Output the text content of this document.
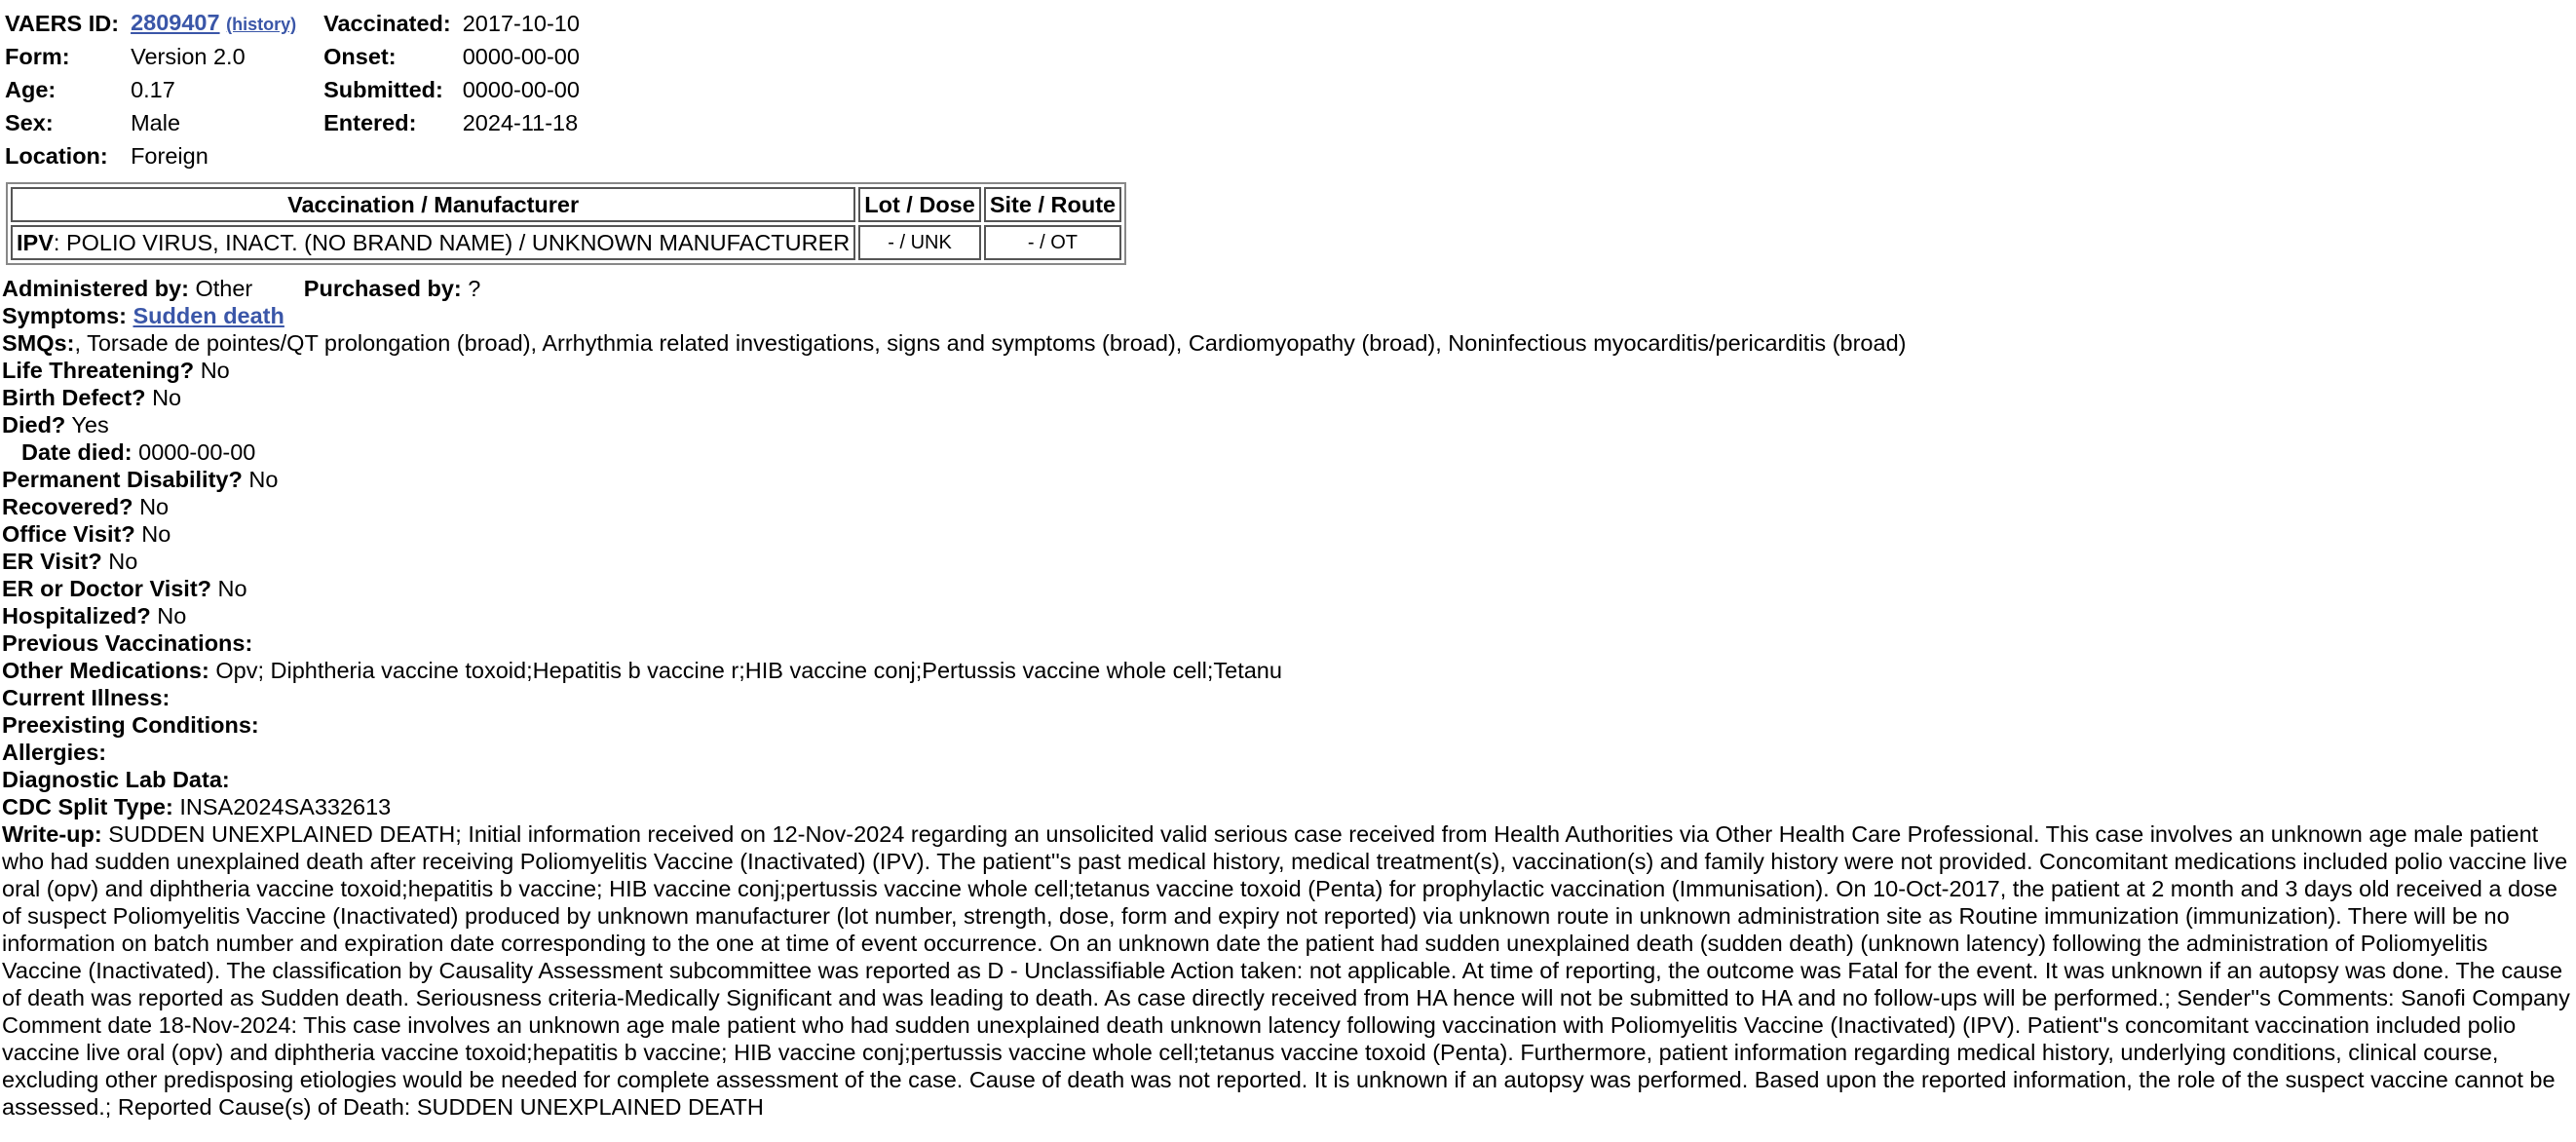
VAERS ID:	2809407 (history)	Vaccinated:	2017-10-10
Form:	Version 2.0	Onset:	0000-00-00
Age:	0.17	Submitted:	0000-00-00
Sex:	Male	Entered:	2024-11-18
Location:	Foreign		
Vaccination / Manufacturer	Lot / Dose	Site / Route
IPV: POLIO VIRUS, INACT. (NO BRAND NAME) / UNKNOWN MANUFACTURER	- / UNK	- / OT
Administered by: Other Purchased by: ?
Symptoms: Sudden death
SMQs:, Torsade de pointes/QT prolongation (broad), Arrhythmia related investigations, signs and symptoms (broad), Cardiomyopathy (broad), Noninfectious myocarditis/pericarditis (broad)
Life Threatening? No
Birth Defect? No
Died? Yes
Date died: 0000-00-00
Permanent Disability? No
Recovered? No
Office Visit? No
ER Visit? No
ER or Doctor Visit? No
Hospitalized? No
Previous Vaccinations:
Other Medications: Opv; Diphtheria vaccine toxoid;Hepatitis b vaccine r;HIB vaccine conj;Pertussis vaccine whole cell;Tetanu
Current Illness:
Preexisting Conditions:
Allergies:
Diagnostic Lab Data:
CDC Split Type: INSA2024SA332613
Write-up: SUDDEN UNEXPLAINED DEATH; Initial information received on 12-Nov-2024 regarding an unsolicited valid serious case received from Health Authorities via Other Health Care Professional. This case involves an unknown age male patient who had sudden unexplained death after receiving Poliomyelitis Vaccine (Inactivated) (IPV). The patient''s past medical history, medical treatment(s), vaccination(s) and family history were not provided. Concomitant medications included polio vaccine live oral (opv) and diphtheria vaccine toxoid;hepatitis b vaccine; HIB vaccine conj;pertussis vaccine whole cell;tetanus vaccine toxoid (Penta) for prophylactic vaccination (Immunisation). On 10-Oct-2017, the patient at 2 month and 3 days old received a dose of suspect Poliomyelitis Vaccine (Inactivated) produced by unknown manufacturer (lot number, strength, dose, form and expiry not reported) via unknown route in unknown administration site as Routine immunization (immunization). There will be no information on batch number and expiration date corresponding to the one at time of event occurrence. On an unknown date the patient had sudden unexplained death (sudden death) (unknown latency) following the administration of Poliomyelitis Vaccine (Inactivated). The classification by Causality Assessment subcommittee was reported as D - Unclassifiable Action taken: not applicable. At time of reporting, the outcome was Fatal for the event. It was unknown if an autopsy was done. The cause of death was reported as Sudden death. Seriousness criteria-Medically Significant and was leading to death. As case directly received from HA hence will not be submitted to HA and no follow-ups will be performed.; Sender''s Comments: Sanofi Company Comment date 18-Nov-2024: This case involves an unknown age male patient who had sudden unexplained death unknown latency following vaccination with Poliomyelitis Vaccine (Inactivated) (IPV). Patient''s concomitant vaccination included polio vaccine live oral (opv) and diphtheria vaccine toxoid;hepatitis b vaccine; HIB vaccine conj;pertussis vaccine whole cell;tetanus vaccine toxoid (Penta). Furthermore, patient information regarding medical history, underlying conditions, clinical course, excluding other predisposing etiologies would be needed for complete assessment of the case. Cause of death was not reported. It is unknown if an autopsy was performed. Based upon the reported information, the role of the suspect vaccine cannot be assessed.; Reported Cause(s) of Death: SUDDEN UNEXPLAINED DEATH
